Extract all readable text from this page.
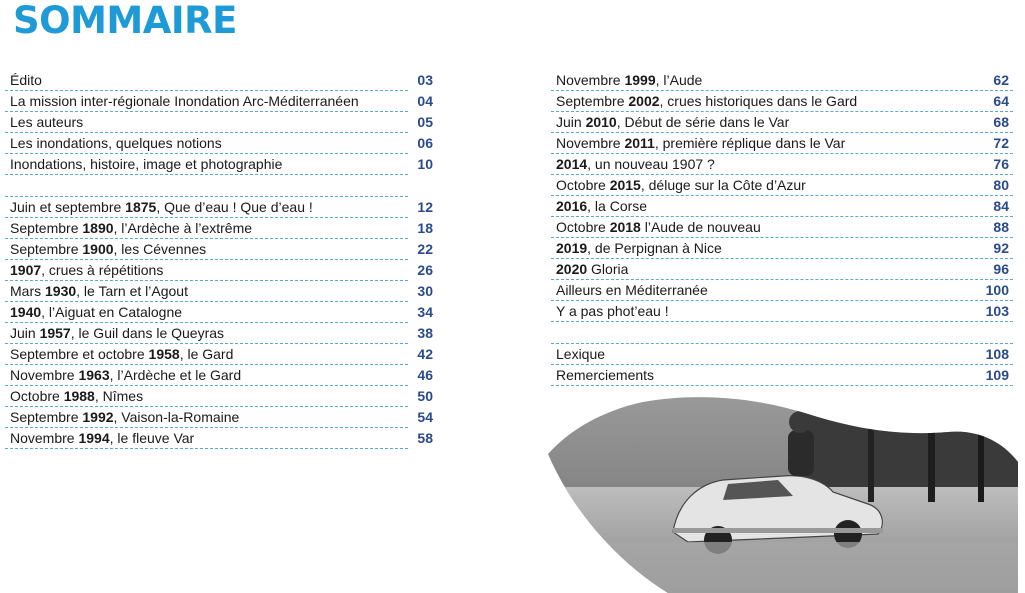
SOMMAIRE
Édito	03
La mission inter-régionale Inondation Arc-Méditerranéen	04
Les auteurs	05
Les inondations, quelques notions	06
Inondations, histoire, image et photographie	10
Juin et septembre 1875, Que d’eau ! Que d’eau !	12
Septembre 1890, l’Ardèche à l’extrême	18
Septembre 1900, les Cévennes	22
1907, crues à répétitions	26
Mars 1930, le Tarn et l’Agout	30
1940, l’Aiguat en Catalogne	34
Juin 1957, le Guil dans le Queyras	38
Septembre et octobre 1958, le Gard	42
Novembre 1963, l’Ardèche et le Gard	46
Octobre 1988, Nîmes	50
Septembre 1992, Vaison-la-Romaine	54
Novembre 1994, le fleuve Var	58
Novembre 1999, l’Aude	62
Septembre 2002, crues historiques dans le Gard	64
Juin 2010, Début de série dans le Var	68
Novembre 2011, première réplique dans le Var	72
2014, un nouveau 1907 ?	76
Octobre 2015, déluge sur la Côte d’Azur	80
2016, la Corse	84
Octobre 2018 l’Aude de nouveau	88
2019, de Perpignan à Nice	92
2020 Gloria	96
Ailleurs en Méditerranée	100
Y a pas phot’eau !	103
Lexique	108
Remerciements	109
